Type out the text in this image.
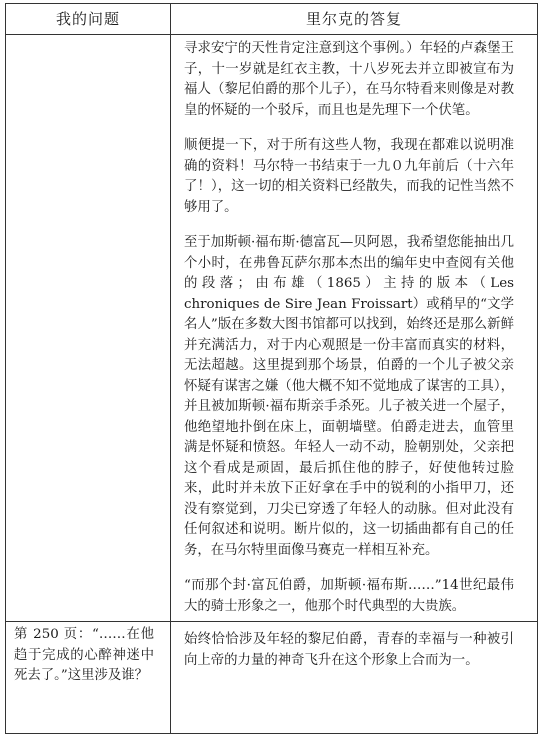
我的问题	里尔克的答复

寻求安宁的天性肯定注意到这个事例。）年轻的卢森堡王子，十一岁就是红衣主教，十八岁死去并立即被宣布为福人（黎尼伯爵的那个儿子），在马尔特看来则像是对教皇的怀疑的一个驳斥，而且也是先理下一个伏笔。

顺便提一下，对于所有这些人物，我现在都难以说明准确的资料！马尔特一书结束于一九０九年前后（十六年了！），这一切的相关资料已经散失，而我的记性当然不够用了。

至于加斯顿·福布斯·德富瓦—贝阿恩，我希望您能抽出几个小时，在弗鲁瓦萨尔那本杰出的编年史中查阅有关他的段落；由布雄（1865）主持的版本（Les chroniques de Sire Jean Froissart）或稍早的“文学名人”版在多数大图书馆都可以找到，始终还是那么新鲜并充满活力，对于内心观照是一份丰富而真实的材料，无法超越。这里提到那个场景，伯爵的一个儿子被父亲怀疑有谋害之嫌（他大概不知不觉地成了谋害的工具），并且被加斯顿·福布斯亲手杀死。儿子被关进一个屋子，他绝望地扑倒在床上，面朝墙壁。伯爵走进去，血管里满是怀疑和愤怒。年轻人一动不动，脸朝别处，父亲把这个看成是顽固，最后抓住他的脖子，好使他转过脸来，此时并未放下正好拿在手中的锐利的小指甲刀，还没有察觉到，刀尖已穿透了年轻人的动脉。但对此没有任何叙述和说明。断片似的，这一切插曲都有自己的任务，在马尔特里面像马赛克一样相互补充。

“而那个封·富瓦伯爵，加斯顿·福布斯……”14世纪最伟大的骑士形象之一，他那个时代典型的大贵族。

第 250 页：“……在他趋于完成的心醉神迷中死去了。”这里涉及谁？
始终恰恰涉及年轻的黎尼伯爵，青春的幸福与一种被引向上帝的力量的神奇飞升在这个形象上合而为一。
